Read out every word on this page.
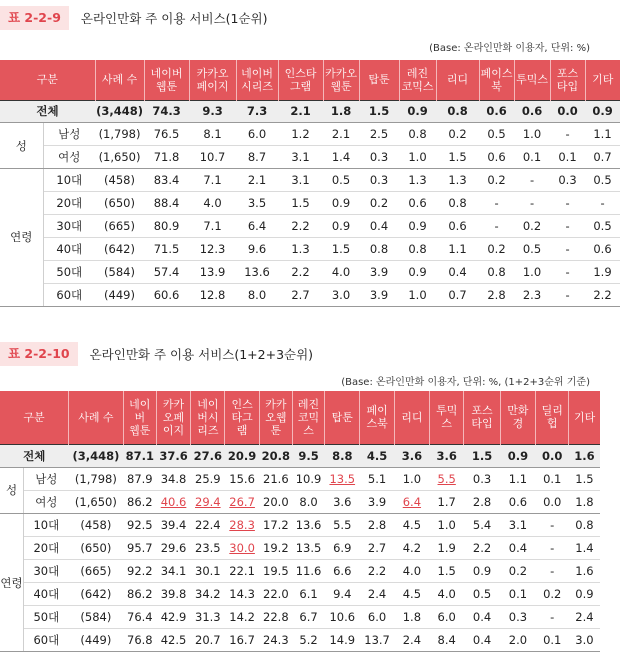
표 2-2-9	온라인만화 주 이용 서비스(1순위)
(Base: 온라인만화 이용자, 단위: %)
구분		사례 수	네이버 웹툰	카카오 페이지	네이버 시리즈	인스타 그램	카카오 웹툰	탑툰	레진 코믹스	리디	페이스 북	투믹스	포스 타입	기타
전체		(3,448)	74.3	9.3	7.3	2.1	1.8	1.5	0.9	0.8	0.6	0.6	0.0	0.9
성	남성	(1,798)	76.5	8.1	6.0	1.2	2.1	2.5	0.8	0.2	0.5	1.0	-	1.1
	여성	(1,650)	71.8	10.7	8.7	3.1	1.4	0.3	1.0	1.5	0.6	0.1	0.1	0.7
연령	10대	(458)	83.4	7.1	2.1	3.1	0.5	0.3	1.3	1.3	0.2	-	0.3	0.5
	20대	(650)	88.4	4.0	3.5	1.5	0.9	0.2	0.6	0.8	-	-	-	-
	30대	(665)	80.9	7.1	6.4	2.2	0.9	0.4	0.9	0.6	-	0.2	-	0.5
	40대	(642)	71.5	12.3	9.6	1.3	1.5	0.8	0.8	1.1	0.2	0.5	-	0.6
	50대	(584)	57.4	13.9	13.6	2.2	4.0	3.9	0.9	0.4	0.8	1.0	-	1.9
	60대	(449)	60.6	12.8	8.0	2.7	3.0	3.9	1.0	0.7	2.8	2.3	-	2.2
표 2-2-10	온라인만화 주 이용 서비스(1+2+3순위)
(Base: 온라인만화 이용자, 단위: %, (1+2+3순위 기준)
구분		사례 수	네이 버 웹툰	카카 오페 이지	네이 버시 리즈	인스 타그 램	카카 오웹 툰	레진 코믹 스	탑툰	페이 스북	리디	투믹 스	포스 타입	만화 경	딜리 헙	기타
전체		(3,448)	87.1	37.6	27.6	20.9	20.8	9.5	8.8	4.5	3.6	3.6	1.5	0.9	0.0	1.6
성	남성	(1,798)	87.9	34.8	25.9	15.6	21.6	10.9	13.5	5.1	1.0	5.5	0.3	1.1	0.1	1.5
	여성	(1,650)	86.2	40.6	29.4	26.7	20.0	8.0	3.6	3.9	6.4	1.7	2.8	0.6	0.0	1.8
연령	10대	(458)	92.5	39.4	22.4	28.3	17.2	13.6	5.5	2.8	4.5	1.0	5.4	3.1	-	0.8
	20대	(650)	95.7	29.6	23.5	30.0	19.2	13.5	6.9	2.7	4.2	1.9	2.2	0.4	-	1.4
	30대	(665)	92.2	34.1	30.1	22.1	19.5	11.6	6.6	2.2	4.0	1.5	0.9	0.2	-	1.6
	40대	(642)	86.2	39.8	34.2	14.3	22.0	6.1	9.4	2.4	4.5	4.0	0.5	0.1	0.2	0.9
	50대	(584)	76.4	42.9	31.3	14.2	22.8	6.7	10.6	6.0	1.8	6.0	0.4	0.3	-	2.4
	60대	(449)	76.8	42.5	20.7	16.7	24.3	5.2	14.9	13.7	2.4	8.4	0.4	2.0	0.1	3.0
